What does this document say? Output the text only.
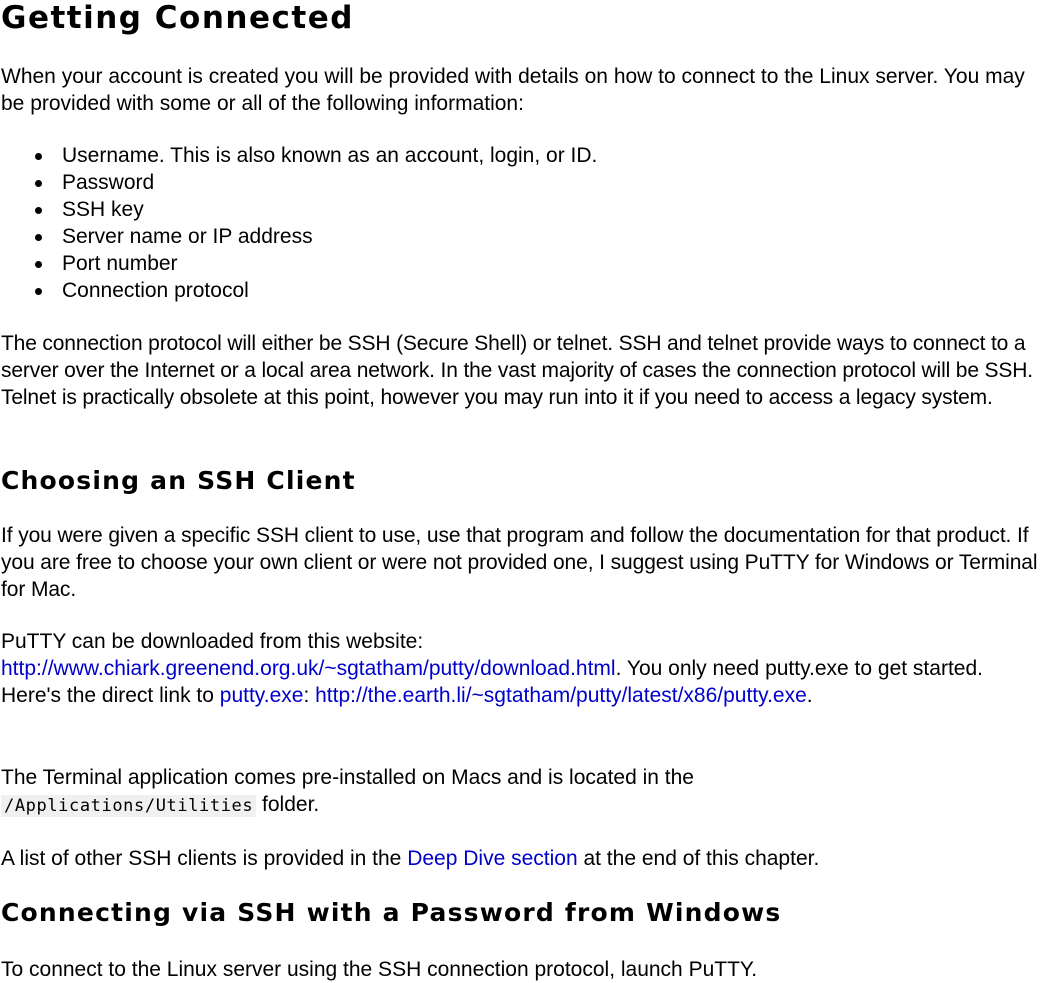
Getting Connected

When your account is created you will be provided with details on how to connect to the Linux server. You may be provided with some or all of the following information:

Username. This is also known as an account, login, or ID.
Password
SSH key
Server name or IP address
Port number
Connection protocol

The connection protocol will either be SSH (Secure Shell) or telnet. SSH and telnet provide ways to connect to a server over the Internet or a local area network. In the vast majority of cases the connection protocol will be SSH. Telnet is practically obsolete at this point, however you may run into it if you need to access a legacy system.

Choosing an SSH Client

If you were given a specific SSH client to use, use that program and follow the documentation for that product. If you are free to choose your own client or were not provided one, I suggest using PuTTY for Windows or Terminal for Mac.

PuTTY can be downloaded from this website: http://www.chiark.greenend.org.uk/~sgtatham/putty/download.html. You only need putty.exe to get started. Here's the direct link to putty.exe: http://the.earth.li/~sgtatham/putty/latest/x86/putty.exe.

The Terminal application comes pre-installed on Macs and is located in the /Applications/Utilities folder.

A list of other SSH clients is provided in the Deep Dive section at the end of this chapter.

Connecting via SSH with a Password from Windows

To connect to the Linux server using the SSH connection protocol, launch PuTTY.
